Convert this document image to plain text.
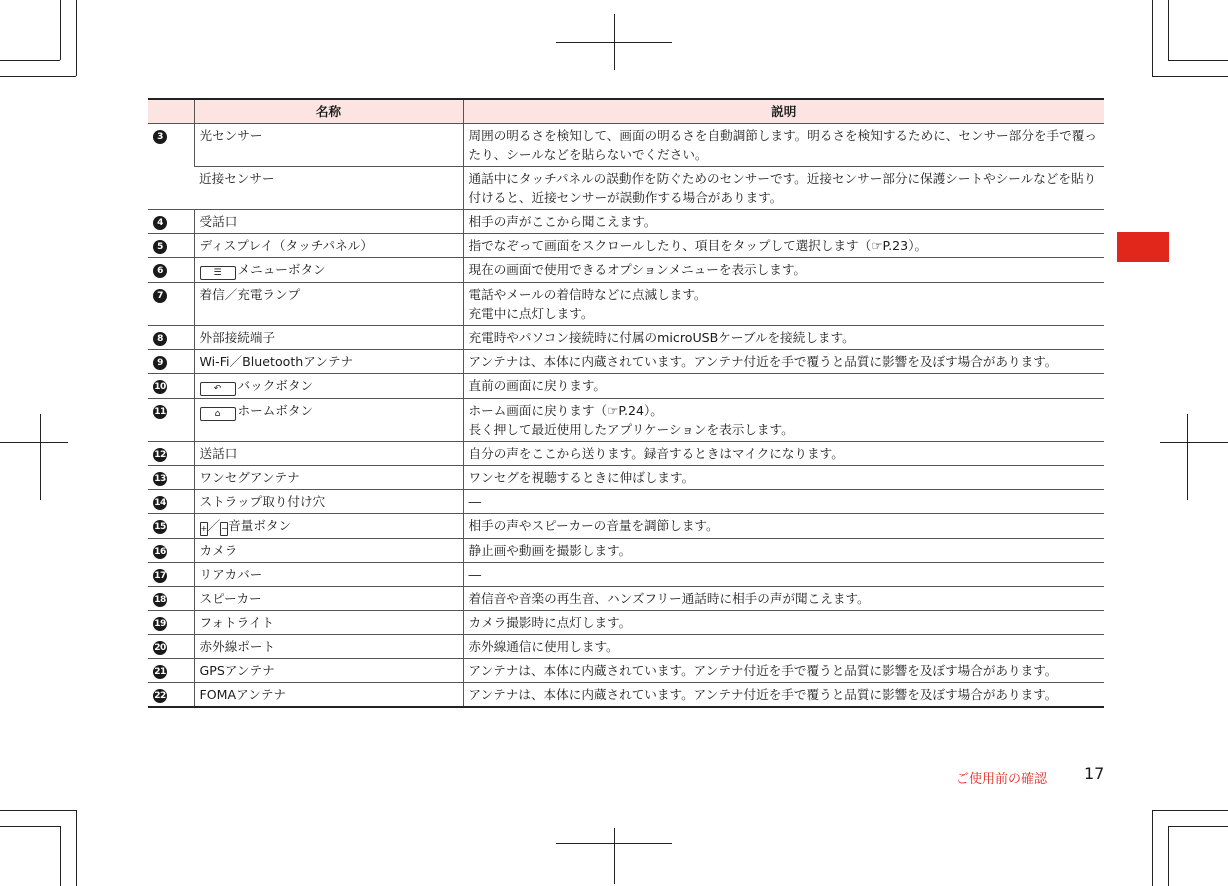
	名称	説明
3	光センサー	周囲の明るさを検知して、画面の明るさを自動調節します。明るさを検知するために、センサー部分を手で覆ったり、シールなどを貼らないでください。
	近接センサー	通話中にタッチパネルの誤動作を防ぐためのセンサーです。近接センサー部分に保護シートやシールなどを貼り付けると、近接センサーが誤動作する場合があります。
4	受話口	相手の声がここから聞こえます。
5	ディスプレイ（タッチパネル）	指でなぞって画面をスクロールしたり、項目をタップして選択します（☞P.23）。
6	☰ メニューボタン	現在の画面で使用できるオプションメニューを表示します。
7	着信／充電ランプ	電話やメールの着信時などに点滅します。
充電中に点灯します。

8	外部接続端子	充電時やパソコン接続時に付属のmicroUSBケーブルを接続します。
9	Wi-Fi／Bluetoothアンテナ	アンテナは、本体に内蔵されています。アンテナ付近を手で覆うと品質に影響を及ぼす場合があります。
10	↶ バックボタン	直前の画面に戻ります。
11	⌂ ホームボタン	ホーム画面に戻ります（☞P.24）。
長く押して最近使用したアプリケーションを表示します。

12	送話口	自分の声をここから送ります。録音するときはマイクになります。
13	ワンセグアンテナ	ワンセグを視聴するときに伸ばします。
14	ストラップ取り付け穴	―
15	+／−音量ボタン	相手の声やスピーカーの音量を調節します。
16	カメラ	静止画や動画を撮影します。
17	リアカバー	―
18	スピーカー	着信音や音楽の再生音、ハンズフリー通話時に相手の声が聞こえます。
19	フォトライト	カメラ撮影時に点灯します。
20	赤外線ポート	赤外線通信に使用します。
21	GPSアンテナ	アンテナは、本体に内蔵されています。アンテナ付近を手で覆うと品質に影響を及ぼす場合があります。
22	FOMAアンテナ	アンテナは、本体に内蔵されています。アンテナ付近を手で覆うと品質に影響を及ぼす場合があります。
ご使用前の確認 17
